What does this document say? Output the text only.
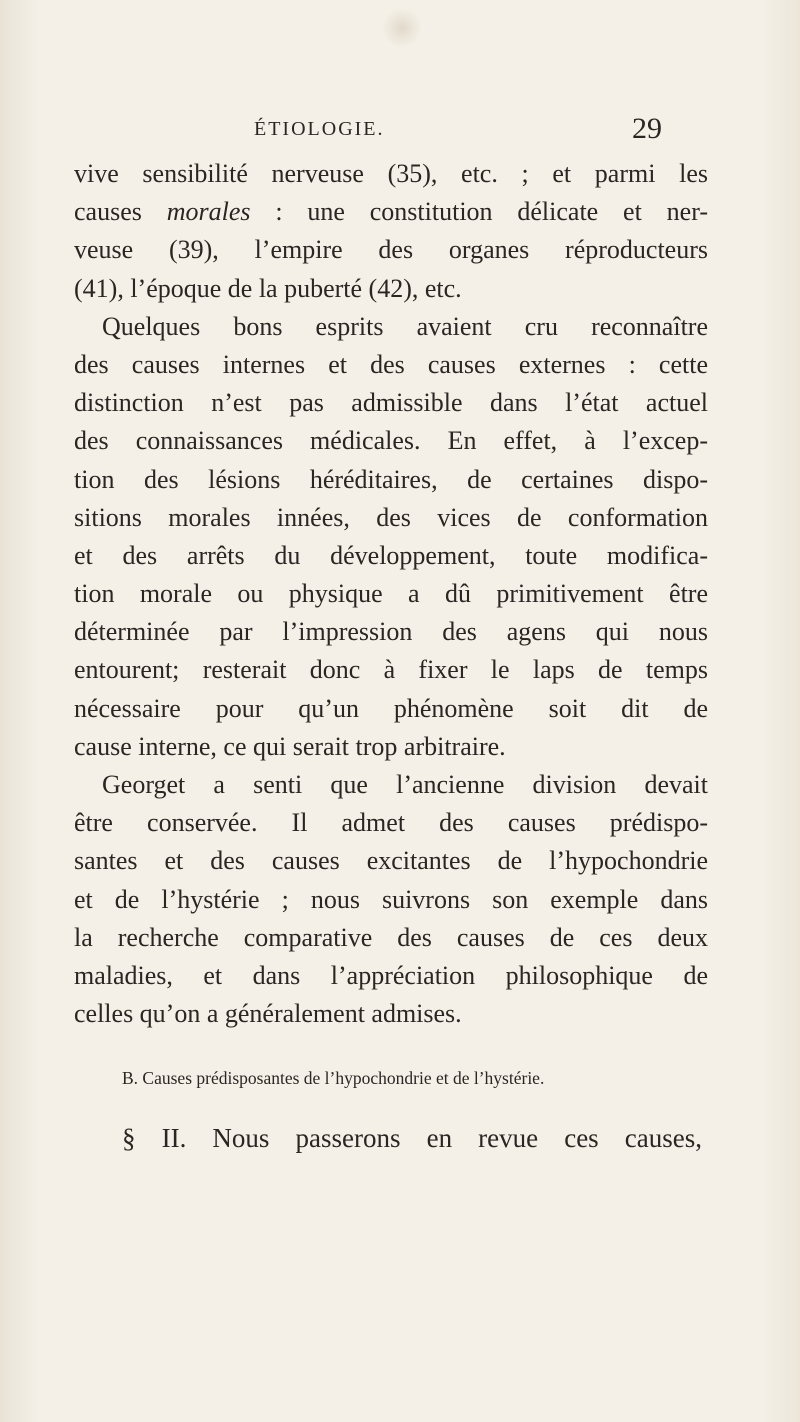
ÉTIOLOGIE.	29
vive sensibilité nerveuse (35), etc. ; et parmi les
causes morales : une constitution délicate et ner-
veuse (39), l’empire des organes réproducteurs
(41), l’époque de la puberté (42), etc.
Quelques bons esprits avaient cru reconnaître
des causes internes et des causes externes : cette
distinction n’est pas admissible dans l’état actuel
des connaissances médicales. En effet, à l’excep-
tion des lésions héréditaires, de certaines dispo-
sitions morales innées, des vices de conformation
et des arrêts du développement, toute modifica-
tion morale ou physique a dû primitivement être
déterminée par l’impression des agens qui nous
entourent; resterait donc à fixer le laps de temps
nécessaire pour qu’un phénomène soit dit de
cause interne, ce qui serait trop arbitraire.
Georget a senti que l’ancienne division devait
être conservée. Il admet des causes prédispo-
santes et des causes excitantes de l’hypochondrie
et de l’hystérie ; nous suivrons son exemple dans
la recherche comparative des causes de ces deux
maladies, et dans l’appréciation philosophique de
celles qu’on a généralement admises.
B. Causes prédisposantes de l’hypochondrie et de l’hystérie.
§ II. Nous passerons en revue ces causes,
